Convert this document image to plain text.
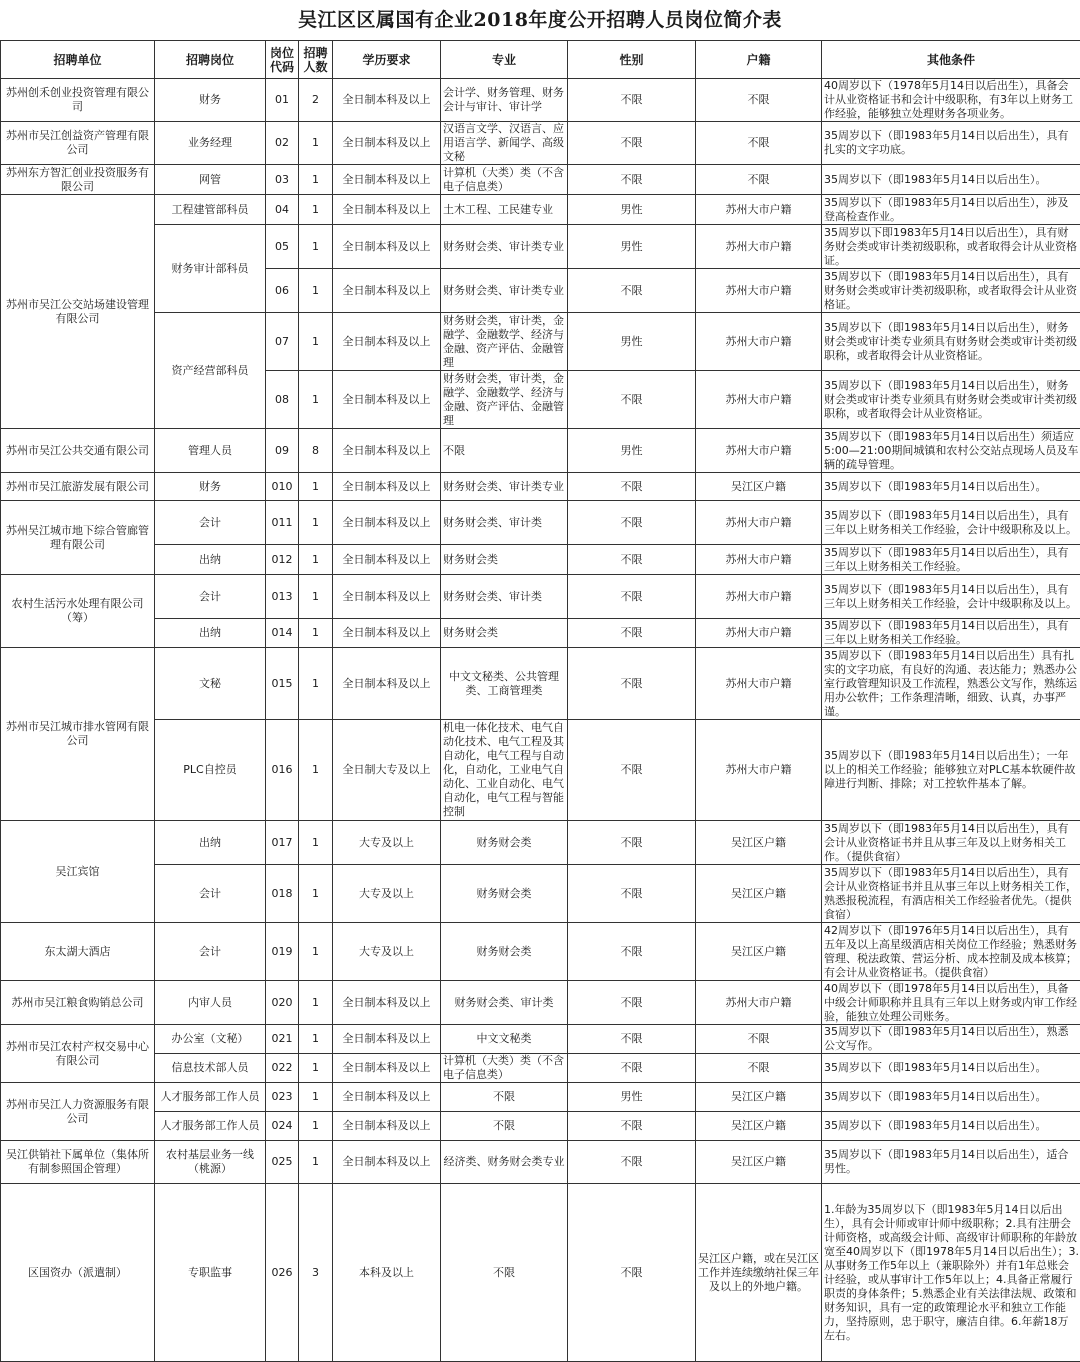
吴江区区属国有企业2018年度公开招聘人员岗位简介表
招聘单位	招聘岗位	岗位代码	招聘人数	学历要求	专业	性别	户籍	其他条件
苏州创禾创业投资管理有限公司	财务	01	2	全日制本科及以上	会计学、财务管理、财务会计与审计、审计学	不限	不限	40周岁以下（1978年5月14日以后出生），具备会计从业资格证书和会计中级职称，有3年以上财务工作经验，能够独立处理财务各项业务。
苏州市吴江创益资产管理有限公司	业务经理	02	1	全日制本科及以上	汉语言文学、汉语言、应用语言学、新闻学、高级文秘	不限	不限	35周岁以下（即1983年5月14日以后出生），具有扎实的文字功底。
苏州东方智汇创业投资服务有限公司	网管	03	1	全日制本科及以上	计算机（大类）类（不含电子信息类）	不限	不限	35周岁以下（即1983年5月14日以后出生）。
苏州市吴江公交站场建设管理有限公司	工程建管部科员	04	1	全日制本科及以上	土木工程、工民建专业	男性	苏州大市户籍	35周岁以下（即1983年5月14日以后出生），涉及登高检查作业。
	财务审计部科员	05	1	全日制本科及以上	财务财会类、审计类专业	男性	苏州大市户籍	35周岁以下即1983年5月14日以后出生），具有财务财会类或审计类初级职称，或者取得会计从业资格证。
		06	1	全日制本科及以上	财务财会类、审计类专业	不限	苏州大市户籍	35周岁以下（即1983年5月14日以后出生），具有财务财会类或审计类初级职称，或者取得会计从业资格证。
	资产经营部科员	07	1	全日制本科及以上	财务财会类，审计类，金融学、金融数学、经济与金融、资产评估、金融管理	男性	苏州大市户籍	35周岁以下（即1983年5月14日以后出生），财务财会类或审计类专业须具有财务财会类或审计类初级职称，或者取得会计从业资格证。
		08	1	全日制本科及以上	财务财会类，审计类，金融学、金融数学、经济与金融、资产评估、金融管理	不限	苏州大市户籍	35周岁以下（即1983年5月14日以后出生），财务财会类或审计类专业须具有财务财会类或审计类初级职称，或者取得会计从业资格证。
苏州市吴江公共交通有限公司	管理人员	09	8	全日制本科及以上	不限	男性	苏州大市户籍	35周岁以下（即1983年5月14日以后出生）须适应5:00—21:00期间城镇和农村公交站点现场人员及车辆的疏导管理。
苏州市吴江旅游发展有限公司	财务	010	1	全日制本科及以上	财务财会类、审计类专业	不限	吴江区户籍	35周岁以下（即1983年5月14日以后出生）。
苏州吴江城市地下综合管廊管理有限公司	会计	011	1	全日制本科及以上	财务财会类、审计类	不限	苏州大市户籍	35周岁以下（即1983年5月14日以后出生），具有三年以上财务相关工作经验，会计中级职称及以上。
	出纳	012	1	全日制本科及以上	财务财会类	不限	苏州大市户籍	35周岁以下（即1983年5月14日以后出生），具有三年以上财务相关工作经验。
农村生活污水处理有限公司（筹）	会计	013	1	全日制本科及以上	财务财会类、审计类	不限	苏州大市户籍	35周岁以下（即1983年5月14日以后出生），具有三年以上财务相关工作经验，会计中级职称及以上。
	出纳	014	1	全日制本科及以上	财务财会类	不限	苏州大市户籍	35周岁以下（即1983年5月14日以后出生），具有三年以上财务相关工作经验。
苏州市吴江城市排水管网有限公司	文秘	015	1	全日制本科及以上	中文文秘类、公共管理类、工商管理类	不限	苏州大市户籍	35周岁以下（即1983年5月14日以后出生）具有扎实的文字功底，有良好的沟通、表达能力；熟悉办公室行政管理知识及工作流程，熟悉公文写作，熟练运用办公软件；工作条理清晰，细致、认真，办事严谨。
	PLC自控员	016	1	全日制大专及以上	机电一体化技术、电气自动化技术、电气工程及其自动化，电气工程与自动化，自动化，工业电气自动化、工业自动化、电气自动化，电气工程与智能控制	不限	苏州大市户籍	35周岁以下（即1983年5月14日以后出生）；一年以上的相关工作经验；能够独立对PLC基本软硬件故障进行判断、排除；对工控软件基本了解。
吴江宾馆	出纳	017	1	大专及以上	财务财会类	不限	吴江区户籍	35周岁以下（即1983年5月14日以后出生），具有会计从业资格证书并且从事三年及以上财务相关工作。（提供食宿）
	会计	018	1	大专及以上	财务财会类	不限	吴江区户籍	35周岁以下（即1983年5月14日以后出生），具有会计从业资格证书并且从事三年以上财务相关工作，熟悉报税流程，有酒店相关工作经验者优先。（提供食宿）
东太湖大酒店	会计	019	1	大专及以上	财务财会类	不限	吴江区户籍	42周岁以下（即1976年5月14日以后出生），具有五年及以上高星级酒店相关岗位工作经验；熟悉财务管理、税法政策、营运分析、成本控制及成本核算；有会计从业资格证书。（提供食宿）
苏州市吴江粮食购销总公司	内审人员	020	1	全日制本科及以上	财务财会类、审计类	不限	苏州大市户籍	40周岁以下（即1978年5月14日以后出生），具备中级会计师职称并且具有三年以上财务或内审工作经验，能独立处理公司账务。
苏州市吴江农村产权交易中心有限公司	办公室（文秘）	021	1	全日制本科及以上	中文文秘类	不限	不限	35周岁以下（即1983年5月14日以后出生），熟悉公文写作。
	信息技术部人员	022	1	全日制本科及以上	计算机（大类）类（不含电子信息类）	不限	不限	35周岁以下（即1983年5月14日以后出生）。
苏州市吴江人力资源服务有限公司	人才服务部工作人员	023	1	全日制本科及以上	不限	男性	吴江区户籍	35周岁以下（即1983年5月14日以后出生）。
	人才服务部工作人员	024	1	全日制本科及以上	不限	不限	吴江区户籍	35周岁以下（即1983年5月14日以后出生）。
吴江供销社下属单位（集体所有制参照国企管理）	农村基层业务一线（桃源）	025	1	全日制本科及以上	经济类、财务财会类专业	不限	吴江区户籍	35周岁以下（即1983年5月14日以后出生），适合男性。
区国资办（派遣制）	专职监事	026	3	本科及以上	不限	不限	吴江区户籍，或在吴江区工作并连续缴纳社保三年及以上的外地户籍。	1.年龄为35周岁以下（即1983年5月14日以后出生），具有会计师或审计师中级职称；2.具有注册会计师资格，或高级会计师、高级审计师职称的年龄放宽至40周岁以下（即1978年5月14日以后出生）；3.从事财务工作5年以上（兼职除外）并有1年总账会计经验，或从事审计工作5年以上；4.具备正常履行职责的身体条件；5.熟悉企业有关法律法规、政策和财务知识，具有一定的政策理论水平和独立工作能力，坚持原则，忠于职守，廉洁自律。6.年薪18万左右。
